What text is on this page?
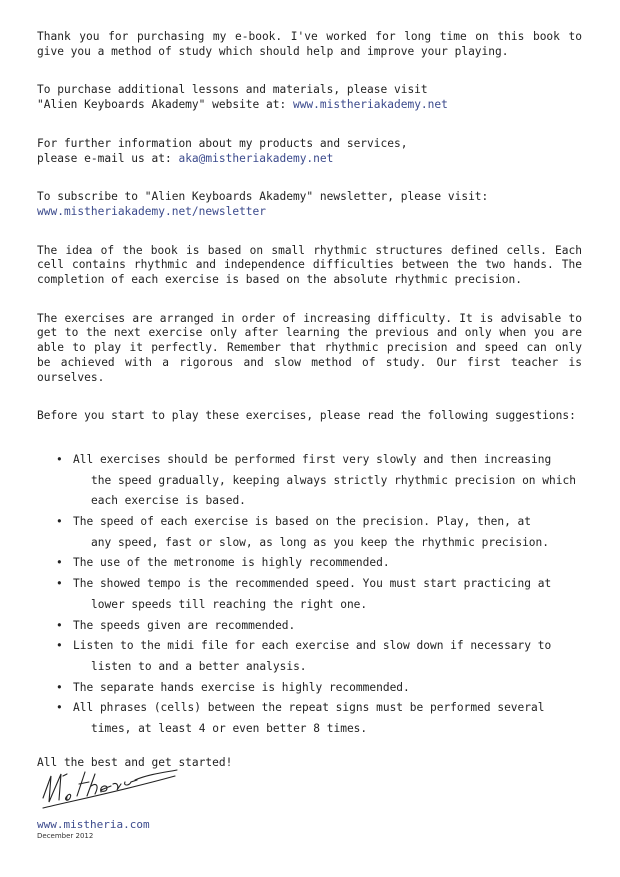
Thank you for purchasing my e-book. I've worked for long time on this book to give you a method of study which should help and improve your playing.

To purchase additional lessons and materials, please visit
"Alien Keyboards Akademy" website at: www.mistheriakademy.net

For further information about my products and services,
please e-mail us at: aka@mistheriakademy.net

To subscribe to "Alien Keyboards Akademy" newsletter, please visit:
www.mistheriakademy.net/newsletter

The idea of the book is based on small rhythmic structures defined cells. Each cell contains rhythmic and independence difficulties between the two hands. The completion of each exercise is based on the absolute rhythmic precision.

The exercises are arranged in order of increasing difficulty. It is advisable to get to the next exercise only after learning the previous and only when you are able to play it perfectly. Remember that rhythmic precision and speed can only be achieved with a rigorous and slow method of study. Our first teacher is ourselves.

Before you start to play these exercises, please read the following suggestions:

• All exercises should be performed first very slowly and then increasing
the speed gradually, keeping always strictly rhythmic precision on which each exercise is based.
• The speed of each exercise is based on the precision. Play, then, at
any speed, fast or slow, as long as you keep the rhythmic precision.
• The use of the metronome is highly recommended.
• The showed tempo is the recommended speed. You must start practicing at
lower speeds till reaching the right one.
• The speeds given are recommended.
• Listen to the midi file for each exercise and slow down if necessary to
listen to and a better analysis.
• The separate hands exercise is highly recommended.
• All phrases (cells) between the repeat signs must be performed several
times, at least 4 or even better 8 times.

All the best and get started!

www.mistheria.com
December 2012
